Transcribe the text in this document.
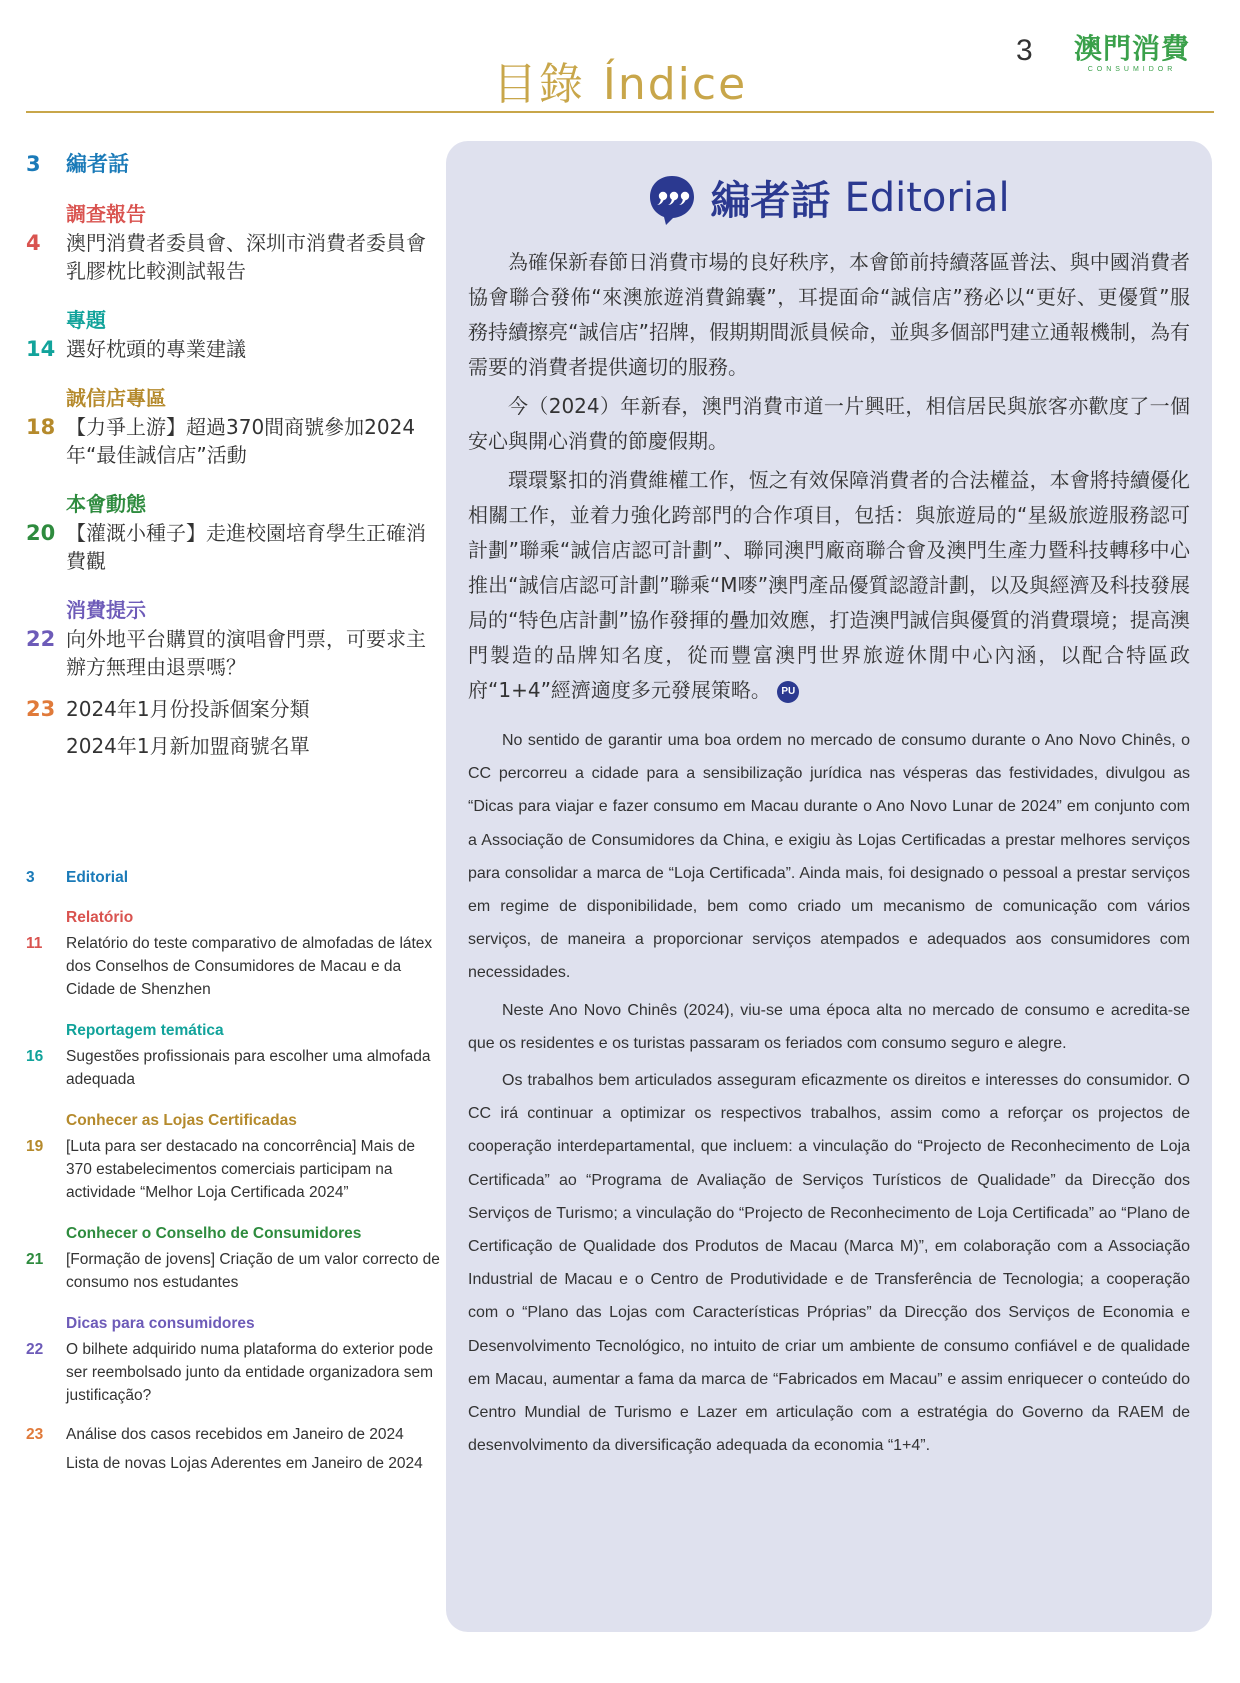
目錄 Índice
3 澳門消費
CONSUMIDOR
3 編者話
調查報告
4 澳門消費者委員會、深圳市消費者委員會乳膠枕比較測試報告
專題
14 選好枕頭的專業建議
誠信店專區
18 【力爭上游】超過370間商號參加2024年“最佳誠信店”活動
本會動態
20 【灌溉小種子】走進校園培育學生正確消費觀
消費提示
22 向外地平台購買的演唱會門票，可要求主辦方無理由退票嗎？
23 2024年1月份投訴個案分類
2024年1月新加盟商號名單
3 Editorial
Relatório
11 Relatório do teste comparativo de almofadas de látex dos Conselhos de Consumidores de Macau e da Cidade de Shenzhen
Reportagem temática
16 Sugestões profissionais para escolher uma almofada adequada
Conhecer as Lojas Certificadas
19 [Luta para ser destacado na concorrência] Mais de 370 estabelecimentos comerciais participam na actividade “Melhor Loja Certificada 2024”
Conhecer o Conselho de Consumidores
21 [Formação de jovens] Criação de um valor correcto de consumo nos estudantes
Dicas para consumidores
22 O bilhete adquirido numa plataforma do exterior pode ser reembolsado junto da entidade organizadora sem justificação?
23 Análise dos casos recebidos em Janeiro de 2024
Lista de novas Lojas Aderentes em Janeiro de 2024
編者話 Editorial

為確保新春節日消費市場的良好秩序，本會節前持續落區普法、與中國消費者協會聯合發佈“來澳旅遊消費錦囊”，耳提面命“誠信店”務必以“更好、更優質”服務持續擦亮“誠信店”招牌，假期期間派員候命，並與多個部門建立通報機制，為有需要的消費者提供適切的服務。

今（2024）年新春，澳門消費市道一片興旺，相信居民與旅客亦歡度了一個安心與開心消費的節慶假期。

環環緊扣的消費維權工作，恆之有效保障消費者的合法權益，本會將持續優化相關工作，並着力強化跨部門的合作項目，包括：與旅遊局的“星級旅遊服務認可計劃”聯乘“誠信店認可計劃”、聯同澳門廠商聯合會及澳門生產力暨科技轉移中心推出“誠信店認可計劃”聯乘“M嘜”澳門產品優質認證計劃，以及與經濟及科技發展局的“特色店計劃”協作發揮的疊加效應，打造澳門誠信與優質的消費環境；提高澳門製造的品牌知名度，從而豐富澳門世界旅遊休閒中心內涵，以配合特區政府“1+4”經濟適度多元發展策略。 PU

No sentido de garantir uma boa ordem no mercado de consumo durante o Ano Novo Chinês, o CC percorreu a cidade para a sensibilização jurídica nas vésperas das festividades, divulgou as “Dicas para viajar e fazer consumo em Macau durante o Ano Novo Lunar de 2024” em conjunto com a Associação de Consumidores da China, e exigiu às Lojas Certificadas a prestar melhores serviços para consolidar a marca de “Loja Certificada”. Ainda mais, foi designado o pessoal a prestar serviços em regime de disponibilidade, bem como criado um mecanismo de comunicação com vários serviços, de maneira a proporcionar serviços atempados e adequados aos consumidores com necessidades.

Neste Ano Novo Chinês (2024), viu-se uma época alta no mercado de consumo e acredita-se que os residentes e os turistas passaram os feriados com consumo seguro e alegre.

Os trabalhos bem articulados asseguram eficazmente os direitos e interesses do consumidor. O CC irá continuar a optimizar os respectivos trabalhos, assim como a reforçar os projectos de cooperação interdepartamental, que incluem: a vinculação do “Projecto de Reconhecimento de Loja Certificada” ao “Programa de Avaliação de Serviços Turísticos de Qualidade” da Direcção dos Serviços de Turismo; a vinculação do “Projecto de Reconhecimento de Loja Certificada” ao “Plano de Certificação de Qualidade dos Produtos de Macau (Marca M)”, em colaboração com a Associação Industrial de Macau e o Centro de Produtividade e de Transferência de Tecnologia; a cooperação com o “Plano das Lojas com Características Próprias” da Direcção dos Serviços de Economia e Desenvolvimento Tecnológico, no intuito de criar um ambiente de consumo confiável e de qualidade em Macau, aumentar a fama da marca de “Fabricados em Macau” e assim enriquecer o conteúdo do Centro Mundial de Turismo e Lazer em articulação com a estratégia do Governo da RAEM de desenvolvimento da diversificação adequada da economia “1+4”.
